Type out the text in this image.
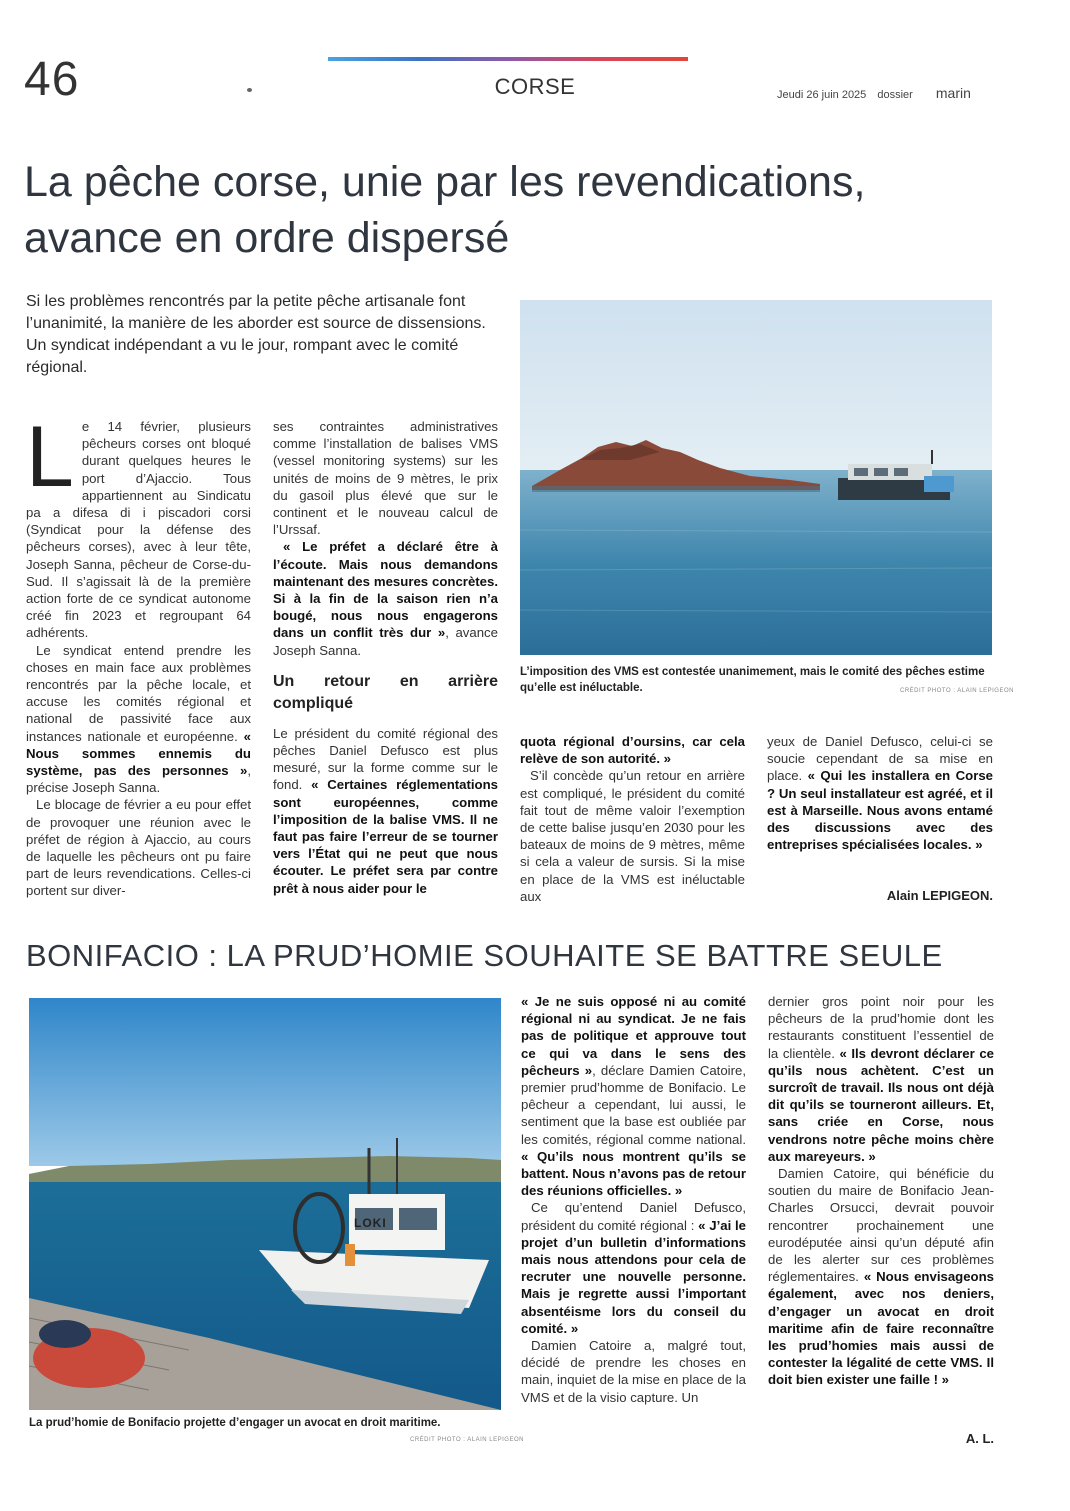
46	CORSE	Jeudi 26 juin 2025 dossier marin
La pêche corse, unie par les revendications,
avance en ordre dispersé
Si les problèmes rencontrés par la petite pêche artisanale font l’unanimité, la manière de les aborder est source de dissensions. Un syndicat indépendant a vu le jour, rompant avec le comité régional.

Le 14 février, plusieurs pêcheurs corses ont bloqué durant quelques heures le port d’Ajaccio. Tous appartiennent au Sindicatu pa a difesa di i piscadori corsi (Syndicat pour la défense des pêcheurs corses), avec à leur tête, Joseph Sanna, pêcheur de Corse-du-Sud. Il s’agissait là de la première action forte de ce syndicat autonome créé fin 2023 et regroupant 64 adhérents.

Le syndicat entend prendre les choses en main face aux problèmes rencontrés par la pêche locale, et accuse les comités régional et national de passivité face aux instances nationale et européenne. « Nous sommes ennemis du système, pas des personnes », précise Joseph Sanna.

Le blocage de février a eu pour effet de provoquer une réunion avec le préfet de région à Ajaccio, au cours de laquelle les pêcheurs ont pu faire part de leurs revendications. Celles-ci portent sur diver-

ses contraintes administratives comme l’installation de balises VMS (vessel monitoring systems) sur les unités de moins de 9 mètres, le prix du gasoil plus élevé que sur le continent et le nouveau calcul de l’Urssaf.

« Le préfet a déclaré être à l’écoute. Mais nous demandons maintenant des mesures concrètes. Si à la fin de la saison rien n’a bougé, nous nous engagerons dans un conflit très dur », avance Joseph Sanna.

Un retour en arrière compliqué

Le président du comité régional des pêches Daniel Defusco est plus mesuré, sur la forme comme sur le fond. « Certaines réglementations sont européennes, comme l’imposition de la balise VMS. Il ne faut pas faire l’erreur de se tourner vers l’État qui ne peut que nous écouter. Le préfet sera par contre prêt à nous aider pour le

L’imposition des VMS est contestée unanimement, mais le comité des pêches estime qu’elle est inéluctable.	CRÉDIT PHOTO : ALAIN LEPIGEON

quota régional d’oursins, car cela relève de son autorité. »

S’il concède qu’un retour en arrière est compliqué, le président du comité fait tout de même valoir l’exemption de cette balise jusqu’en 2030 pour les bateaux de moins de 9 mètres, même si cela a valeur de sursis. Si la mise en place de la VMS est inéluctable aux

yeux de Daniel Defusco, celui-ci se soucie cependant de sa mise en place. « Qui les installera en Corse ? Un seul installateur est agréé, et il est à Marseille. Nous avons entamé des discussions avec des entreprises spécialisées locales. »

Alain LEPIGEON.
BONIFACIO : LA PRUD’HOMIE SOUHAITE SE BATTRE SEULE
LOKI
La prud’homie de Bonifacio projette d’engager un avocat en droit maritime.
CRÉDIT PHOTO : ALAIN LEPIGEON

« Je ne suis opposé ni au comité régional ni au syndicat. Je ne fais pas de politique et approuve tout ce qui va dans le sens des pêcheurs », déclare Damien Catoire, premier prud’homme de Bonifacio. Le pêcheur a cependant, lui aussi, le sentiment que la base est oubliée par les comités, régional comme national. « Qu’ils nous montrent qu’ils se battent. Nous n’avons pas de retour des réunions officielles. »

Ce qu’entend Daniel Defusco, président du comité régional : « J’ai le projet d’un bulletin d’informations mais nous attendons pour cela de recruter une nouvelle personne. Mais je regrette aussi l’important absentéisme lors du conseil du comité. »

Damien Catoire a, malgré tout, décidé de prendre les choses en main, inquiet de la mise en place de la VMS et de la visio capture. Un

dernier gros point noir pour les pêcheurs de la prud’homie dont les restaurants constituent l’essentiel de la clientèle. « Ils devront déclarer ce qu’ils nous achètent. C’est un surcroît de travail. Ils nous ont déjà dit qu’ils se tourneront ailleurs. Et, sans criée en Corse, nous vendrons notre pêche moins chère aux mareyeurs. »

Damien Catoire, qui bénéficie du soutien du maire de Bonifacio Jean-Charles Orsucci, devrait pouvoir rencontrer prochainement une eurodéputée ainsi qu’un député afin de les alerter sur ces problèmes réglementaires. « Nous envisageons également, avec nos deniers, d’engager un avocat en droit maritime afin de faire reconnaître les prud’homies mais aussi de contester la légalité de cette VMS. Il doit bien exister une faille ! »

A. L.
